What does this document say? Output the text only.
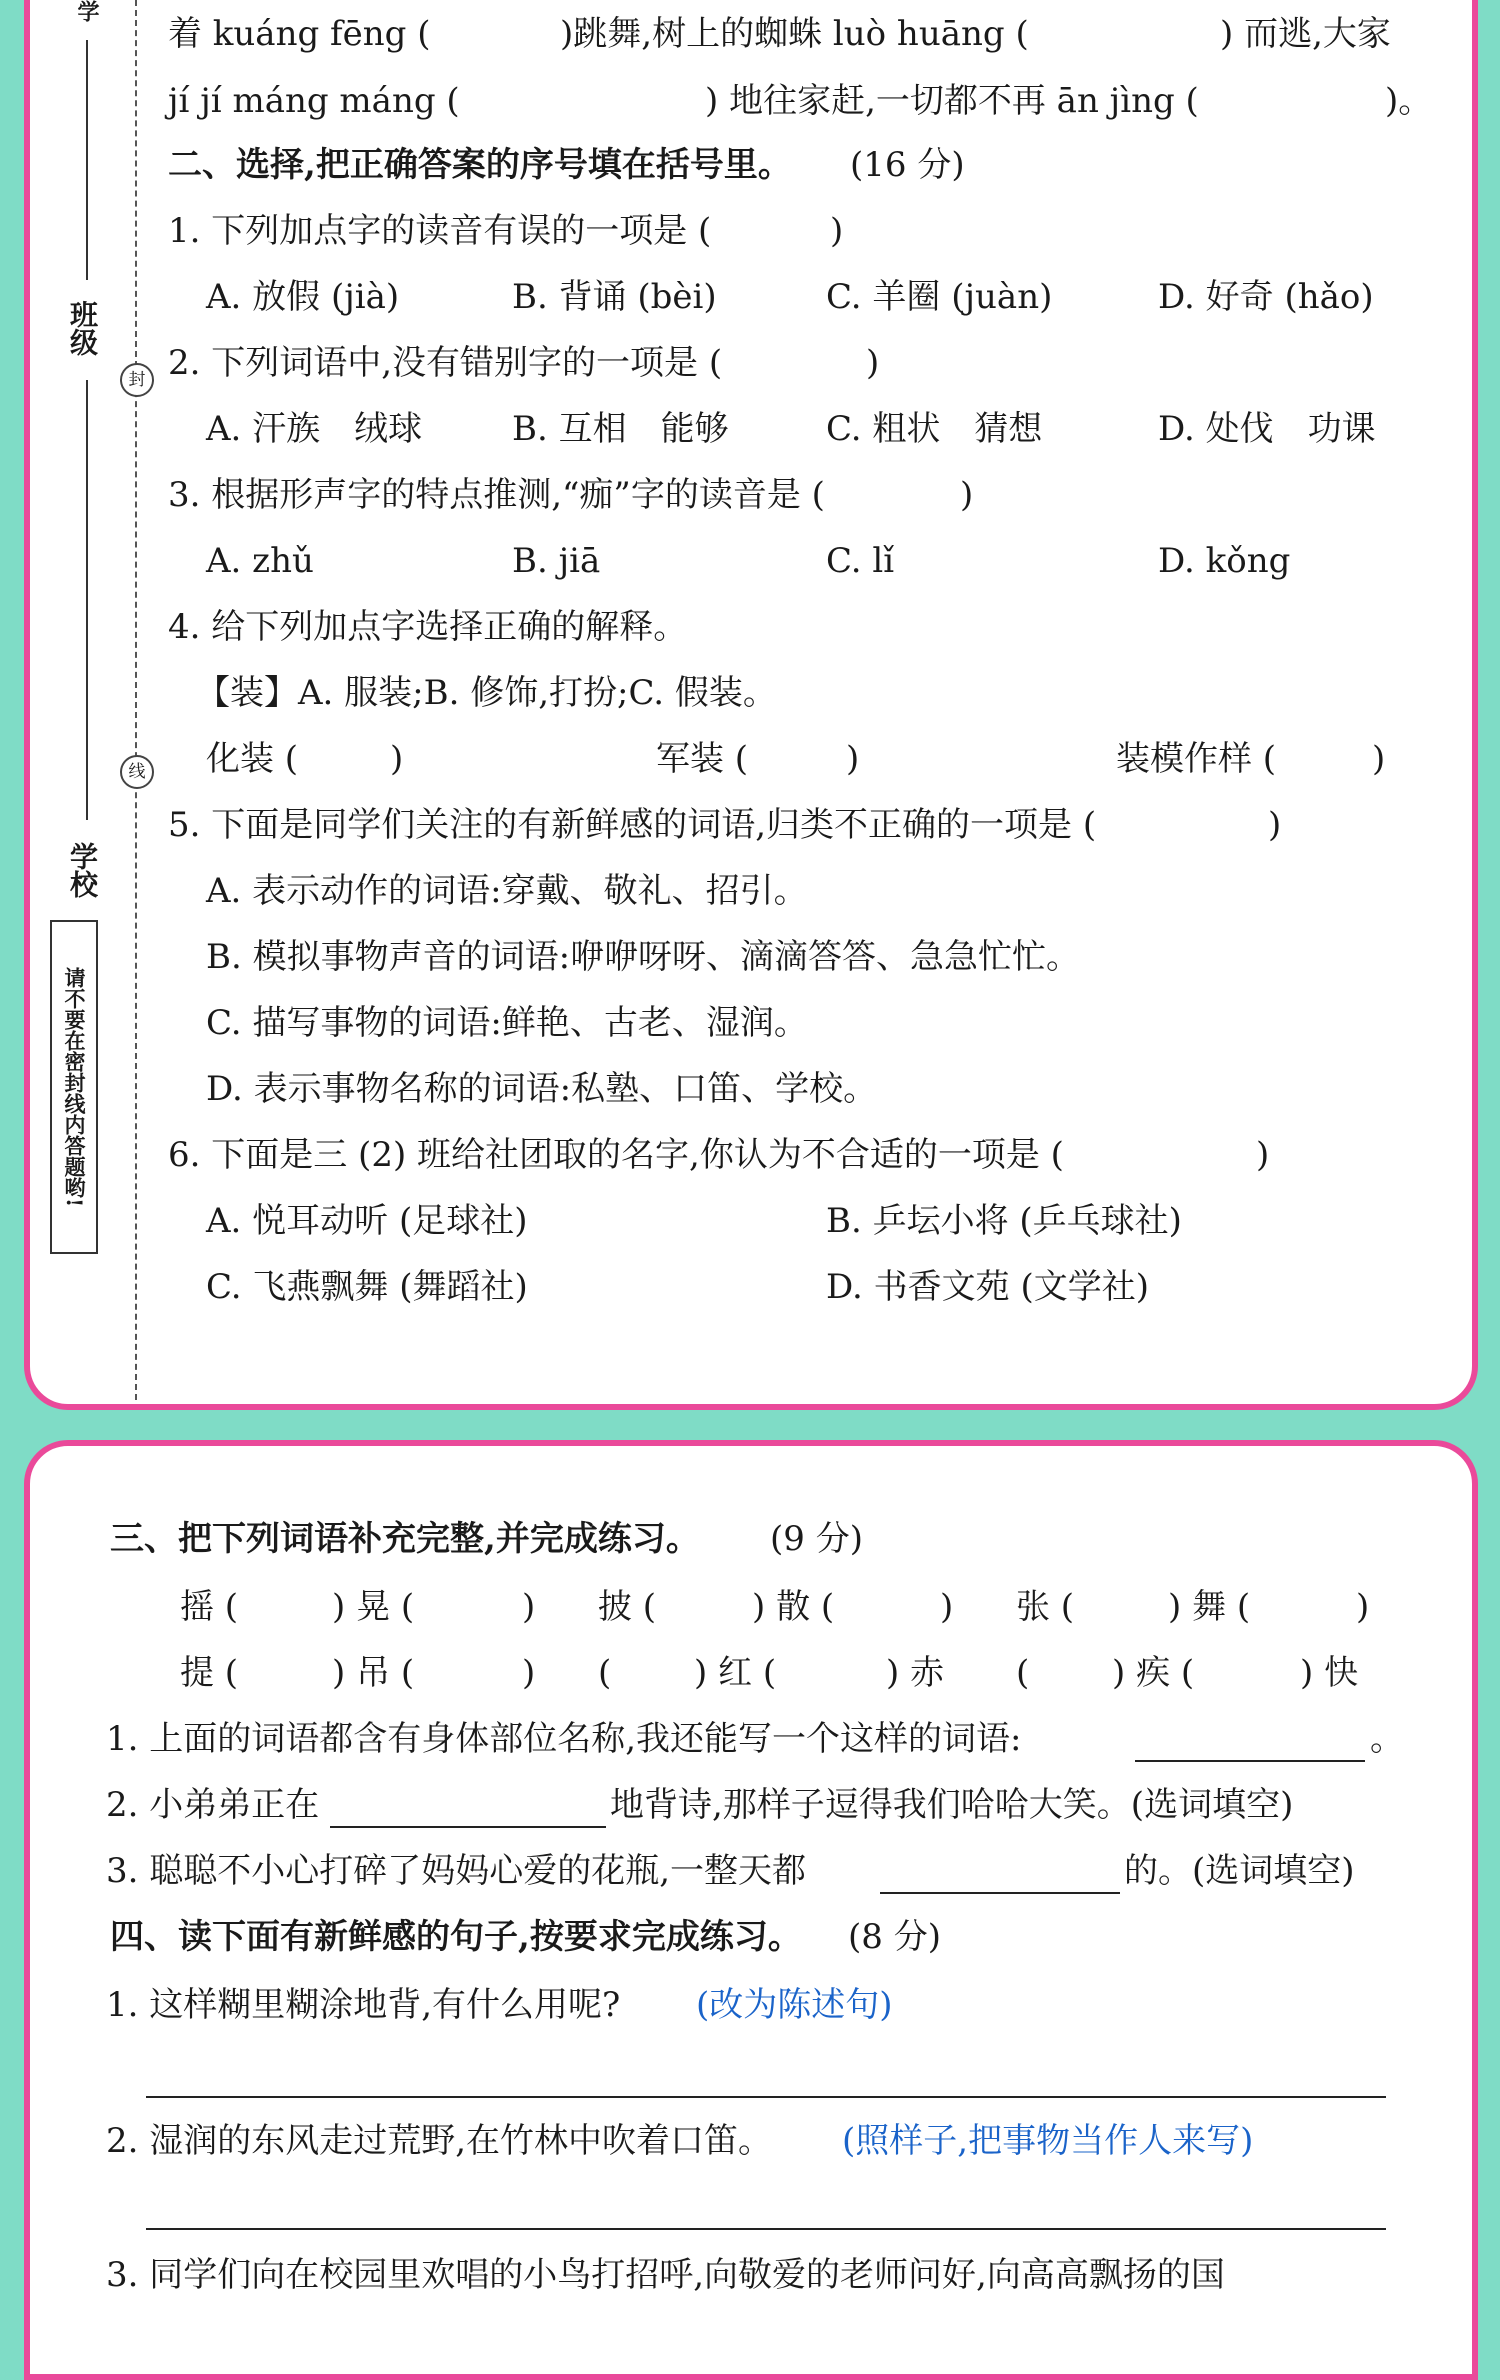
学
班级
学校
请不要在密封线内答题哟!
封
线
着 kuáng fēng (	)跳舞,树上的蜘蛛 luò huāng (	) 而逃,大家
jí jí máng máng (	) 地往家赶,一切都不再 ān jìng (	)。
二、选择,把正确答案的序号填在括号里。 (16 分)
1. 下列加点字的读音有误的一项是 (	)
A. 放假 (jià)	B. 背诵 (bèi)	C. 羊圈 (juàn)	D. 好奇 (hǎo)
2. 下列词语中,没有错别字的一项是 (	)
A. 汗族　绒球	B. 互相　能够	C. 粗状　猜想	D. 处伐　功课
3. 根据形声字的特点推测,“痂”字的读音是 (	)
A. zhǔ	B. jiā	C. lǐ	D. kǒng
4. 给下列加点字选择正确的解释。
【装】A. 服装;B. 修饰,打扮;C. 假装。
化装 (	)	军装 (	)	装模作样 (	)
5. 下面是同学们关注的有新鲜感的词语,归类不正确的一项是 (	)
A. 表示动作的词语:穿戴、敬礼、招引。
B. 模拟事物声音的词语:咿咿呀呀、滴滴答答、急急忙忙。
C. 描写事物的词语:鲜艳、古老、湿润。
D. 表示事物名称的词语:私塾、口笛、学校。
6. 下面是三 (2) 班给社团取的名字,你认为不合适的一项是 (	)
A. 悦耳动听 (足球社)	B. 乒坛小将 (乒乓球社)
C. 飞燕飘舞 (舞蹈社)	D. 书香文苑 (文学社)
三、把下列词语补充完整,并完成练习。 (9 分)
摇 (	) 晃 (	) 披 (	) 散 (	) 张 (	) 舞 (	)
提 (	) 吊 (	) ( ) 红 (	) 赤 ( ) 疾 (	) 快
1. 上面的词语都含有身体部位名称,我还能写一个这样的词语:	。
2. 小弟弟正在	地背诗,那样子逗得我们哈哈大笑。(选词填空)
3. 聪聪不小心打碎了妈妈心爱的花瓶,一整天都	的。(选词填空)
四、读下面有新鲜感的句子,按要求完成练习。 (8 分)
1. 这样糊里糊涂地背,有什么用呢? (改为陈述句)
2. 湿润的东风走过荒野,在竹林中吹着口笛。 (照样子,把事物当作人来写)
3. 同学们向在校园里欢唱的小鸟打招呼,向敬爱的老师问好,向高高飘扬的国
